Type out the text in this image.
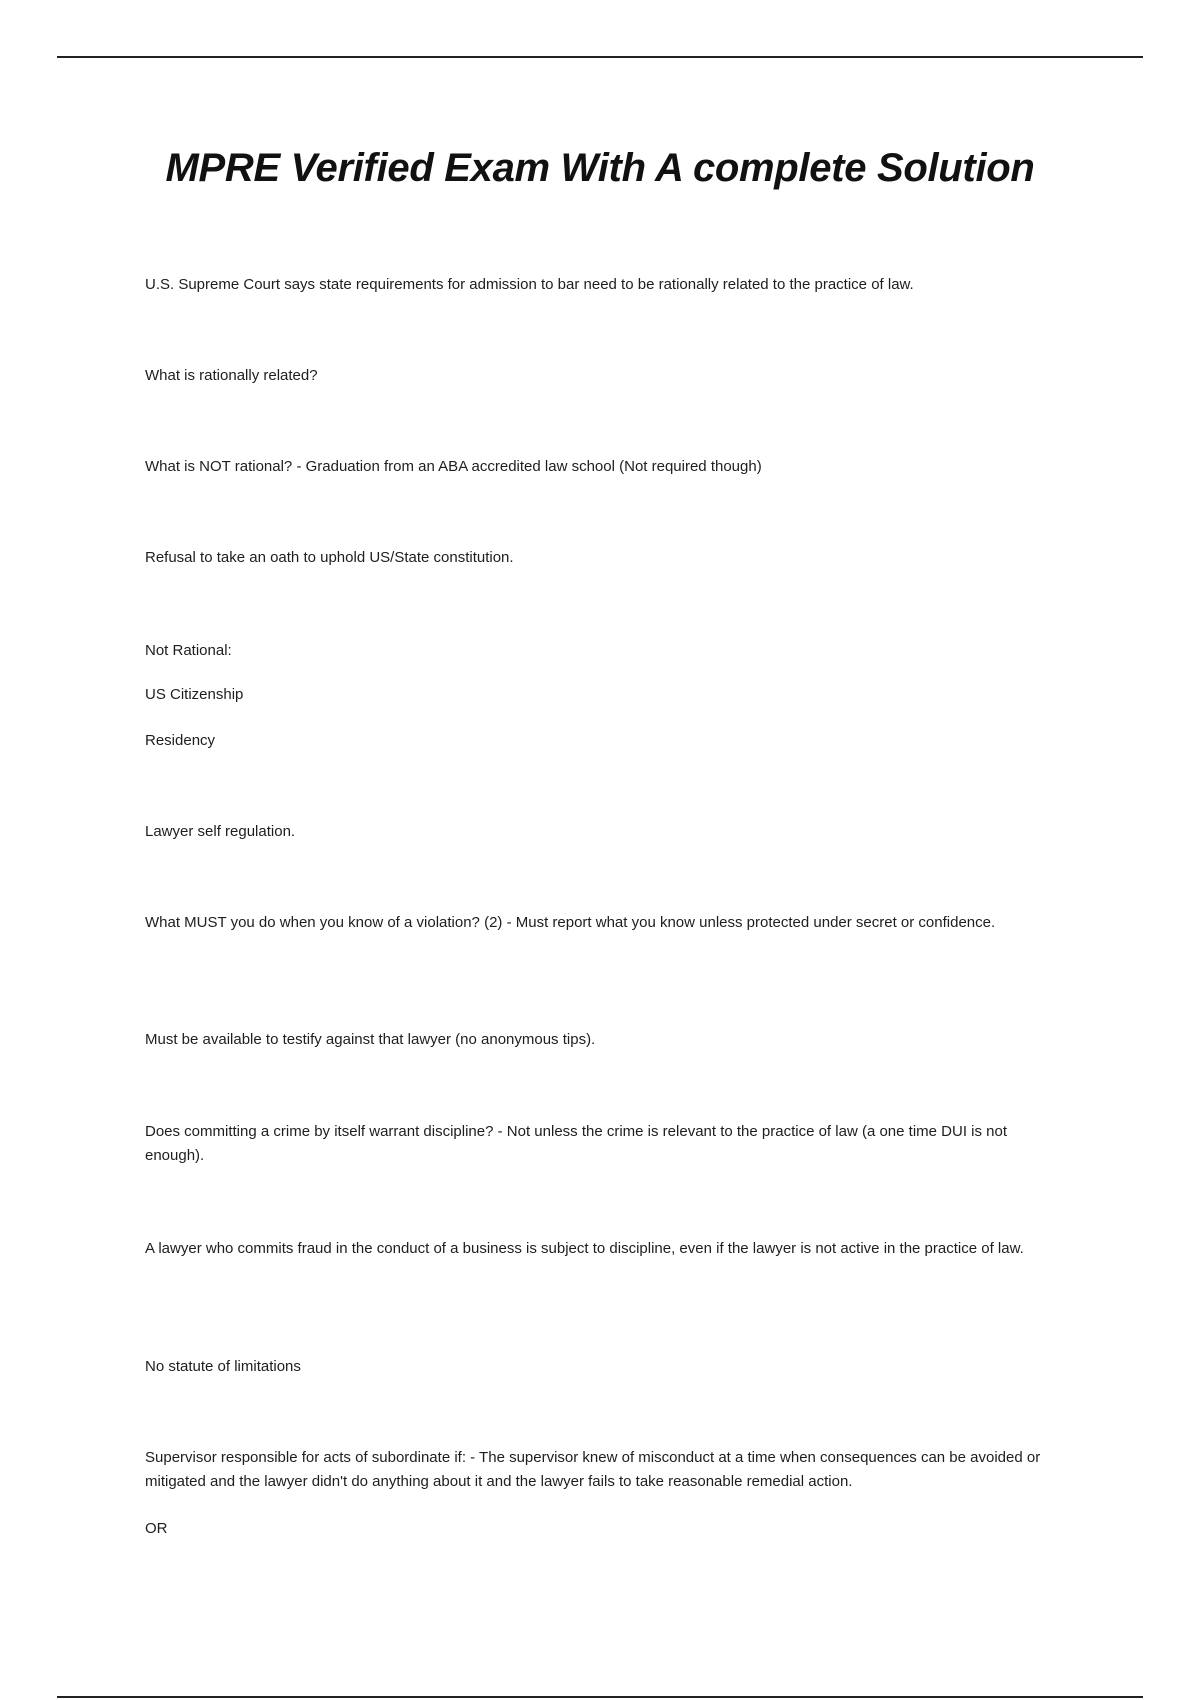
MPRE Verified Exam With A complete Solution

U.S. Supreme Court says state requirements for admission to bar need to be rationally related to the practice of law.

What is rationally related?

What is NOT rational? - Graduation from an ABA accredited law school (Not required though)

Refusal to take an oath to uphold US/State constitution.

Not Rational:

US Citizenship

Residency

Lawyer self regulation.

What MUST you do when you know of a violation? (2) - Must report what you know unless protected under secret or confidence.

Must be available to testify against that lawyer (no anonymous tips).

Does committing a crime by itself warrant discipline? - Not unless the crime is relevant to the practice of law (a one time DUI is not enough).

A lawyer who commits fraud in the conduct of a business is subject to discipline, even if the lawyer is not active in the practice of law.

No statute of limitations

Supervisor responsible for acts of subordinate if: - The supervisor knew of misconduct at a time when consequences can be avoided or mitigated and the lawyer didn't do anything about it and the lawyer fails to take reasonable remedial action.

OR
